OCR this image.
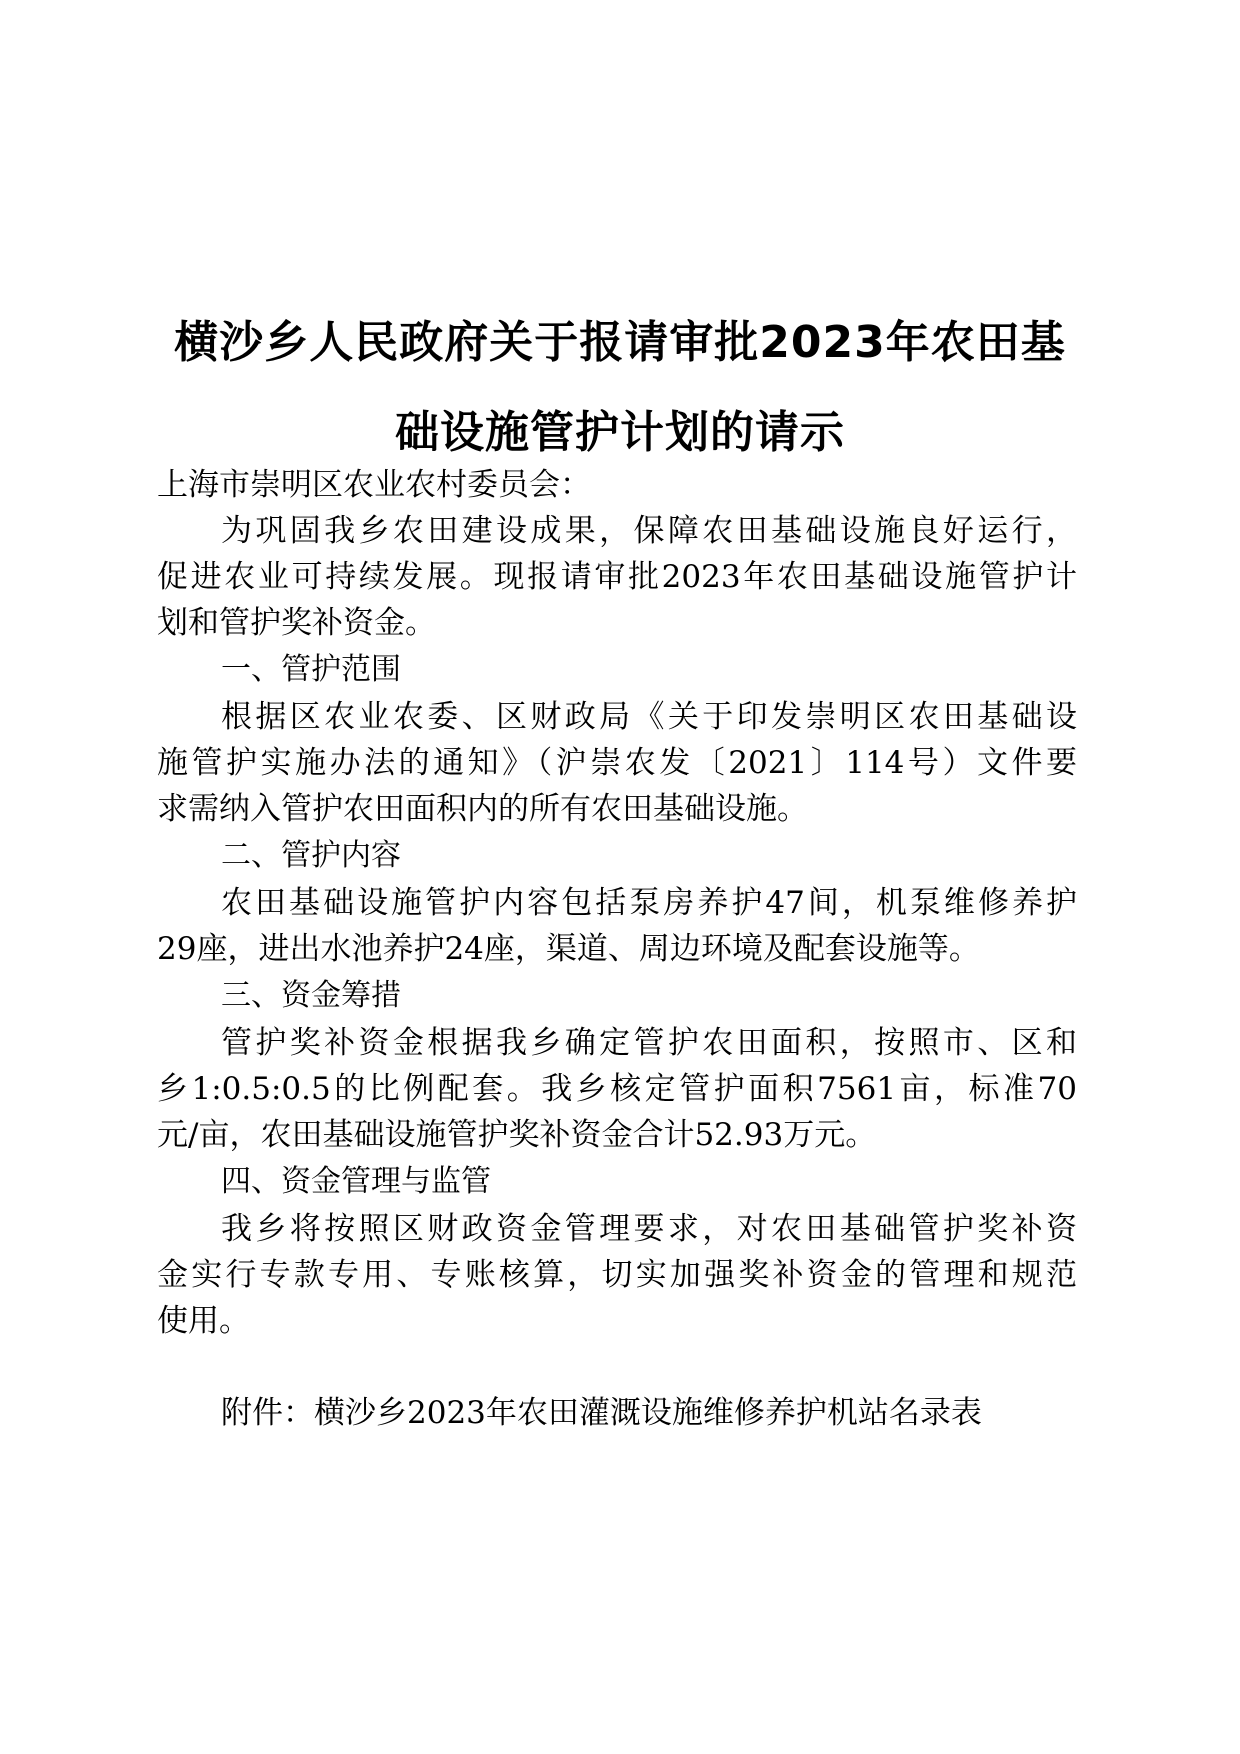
横沙乡人民政府关于报请审批2023年农田基
础设施管护计划的请示
上海市崇明区农业农村委员会：
为巩固我乡农田建设成果，保障农田基础设施良好运行，
促进农业可持续发展。现报请审批2023年农田基础设施管护计
划和管护奖补资金。
一、管护范围
根据区农业农委、区财政局《关于印发崇明区农田基础设
施管护实施办法的通知》（沪崇农发〔2021〕114号）文件要
求需纳入管护农田面积内的所有农田基础设施。
二、管护内容
农田基础设施管护内容包括泵房养护47间，机泵维修养护
29座，进出水池养护24座，渠道、周边环境及配套设施等。
三、资金筹措
管护奖补资金根据我乡确定管护农田面积，按照市、区和
乡1:0.5:0.5的比例配套。我乡核定管护面积7561亩，标准70
元/亩，农田基础设施管护奖补资金合计52.93万元。
四、资金管理与监管
我乡将按照区财政资金管理要求，对农田基础管护奖补资
金实行专款专用、专账核算，切实加强奖补资金的管理和规范
使用。
附件：横沙乡2023年农田灌溉设施维修养护机站名录表
